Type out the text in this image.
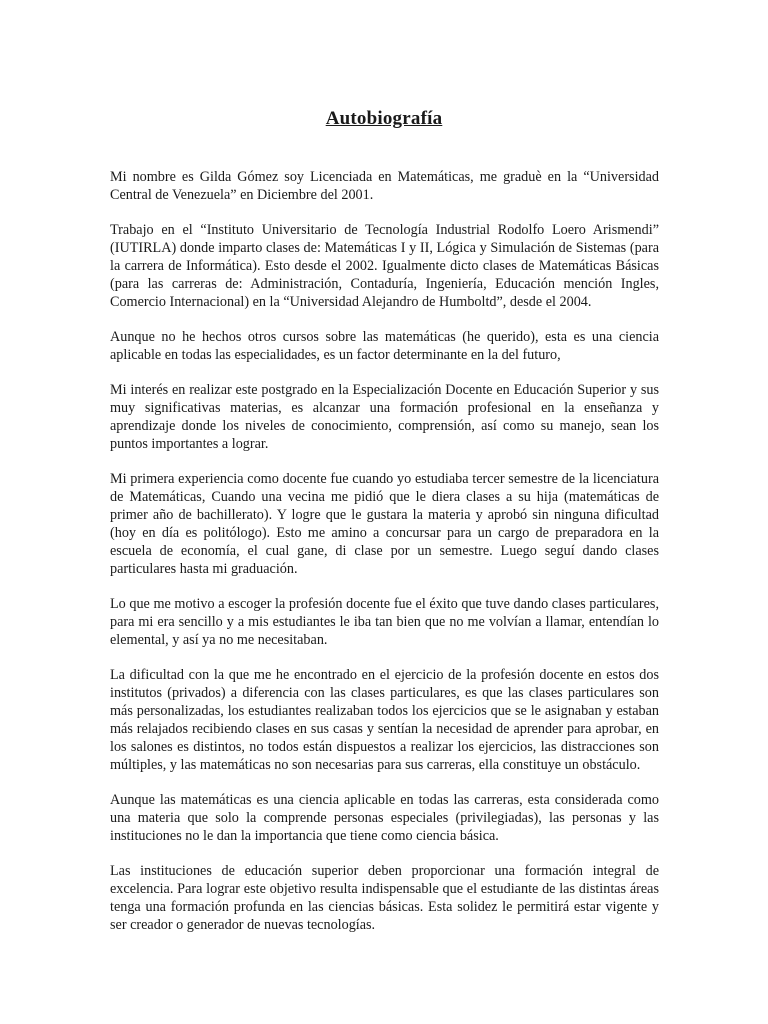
Autobiografía

Mi nombre es Gilda Gómez soy Licenciada en Matemáticas, me graduè en la “Universidad Central de Venezuela” en Diciembre del 2001.

Trabajo en el “Instituto Universitario de Tecnología Industrial Rodolfo Loero Arismendi” (IUTIRLA) donde imparto clases de: Matemáticas I y II, Lógica y Simulación de Sistemas (para la carrera de Informática). Esto desde el 2002. Igualmente dicto clases de Matemáticas Básicas (para las carreras de: Administración, Contaduría, Ingeniería, Educación mención Ingles, Comercio Internacional) en la “Universidad Alejandro de Humboltd”, desde el 2004.

Aunque no he hechos otros cursos sobre las matemáticas (he querido), esta es una ciencia aplicable en todas las especialidades, es un factor determinante en la del futuro,

Mi interés en realizar este postgrado en la Especialización Docente en Educación Superior y sus muy significativas materias, es alcanzar una formación profesional en la enseñanza y aprendizaje donde los niveles de conocimiento, comprensión, así como su manejo, sean los puntos importantes a lograr.

Mi primera experiencia como docente fue cuando yo estudiaba tercer semestre de la licenciatura de Matemáticas, Cuando una vecina me pidió que le diera clases a su hija (matemáticas de primer año de bachillerato). Y logre que le gustara la materia y aprobó sin ninguna dificultad (hoy en día es politólogo). Esto me amino a concursar para un cargo de preparadora en la escuela de economía, el cual gane, di clase por un semestre. Luego seguí dando clases particulares hasta mi graduación.

Lo que me motivo a escoger la profesión docente fue el éxito que tuve dando clases particulares, para mi era sencillo y a mis estudiantes le iba tan bien que no me volvían a llamar, entendían lo elemental, y así ya no me necesitaban.

La dificultad con la que me he encontrado en el ejercicio de la profesión docente en estos dos institutos (privados) a diferencia con las clases particulares, es que las clases particulares son más personalizadas, los estudiantes realizaban todos los ejercicios que se le asignaban y estaban más relajados recibiendo clases en sus casas y sentían la necesidad de aprender para aprobar, en los salones es distintos, no todos están dispuestos a realizar los ejercicios, las distracciones son múltiples, y las matemáticas no son necesarias para sus carreras, ella constituye un obstáculo.

Aunque las matemáticas es una ciencia aplicable en todas las carreras, esta considerada como una materia que solo la comprende personas especiales (privilegiadas), las personas y las instituciones no le dan la importancia que tiene como ciencia básica.

Las instituciones de educación superior deben proporcionar una formación integral de excelencia. Para lograr este objetivo resulta indispensable que el estudiante de las distintas áreas tenga una formación profunda en las ciencias básicas. Esta solidez le permitirá estar vigente y ser creador o generador de nuevas tecnologías.
